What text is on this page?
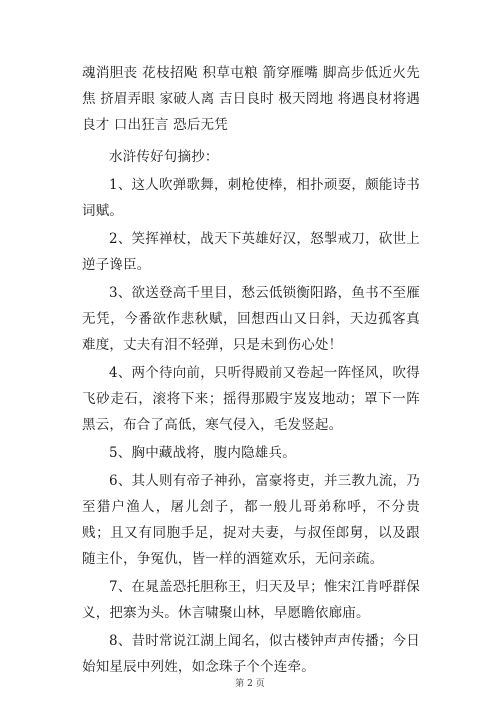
魂消胆丧 花枝招飐 积草屯粮 箭穿雁嘴 脚高步低近火先焦 挤眉弄眼 家破人离 吉日良时 极天罔地 将遇良材将遇良才 口出狂言 恐后无凭

水浒传好句摘抄：

1、这人吹弹歌舞，刺枪使棒，相扑顽耍，颇能诗书词赋。

2、笑挥禅杖，战天下英雄好汉，怒掣戒刀，砍世上逆子谗臣。

3、欲送登高千里目，愁云低锁衡阳路，鱼书不至雁无凭，今番欲作悲秋赋，回想西山又日斜，天边孤客真难度，丈夫有泪不轻弹，只是未到伤心处！

4、两个待向前，只听得殿前又卷起一阵怪风，吹得飞砂走石，滚将下来；摇得那殿宇岌岌地动；罩下一阵黑云，布合了高低，寒气侵入，毛发竖起。

5、胸中藏战将，腹内隐雄兵。

6、其人则有帝子神孙，富豪将吏，并三教九流，乃至猎户渔人，屠儿刽子，都一般儿哥弟称呼，不分贵贱；且又有同胞手足，捉对夫妻，与叔侄郎舅，以及跟随主仆，争冤仇，皆一样的酒筵欢乐，无问亲疏。

7、在晁盖恐托胆称王，归天及早；惟宋江肯呼群保义，把寨为头。休言啸聚山林，早愿瞻依廊庙。

8、昔时常说江湖上闻名，似古楼钟声声传播；今日始知星辰中列姓，如念珠子个个连牵。

第 2 页
